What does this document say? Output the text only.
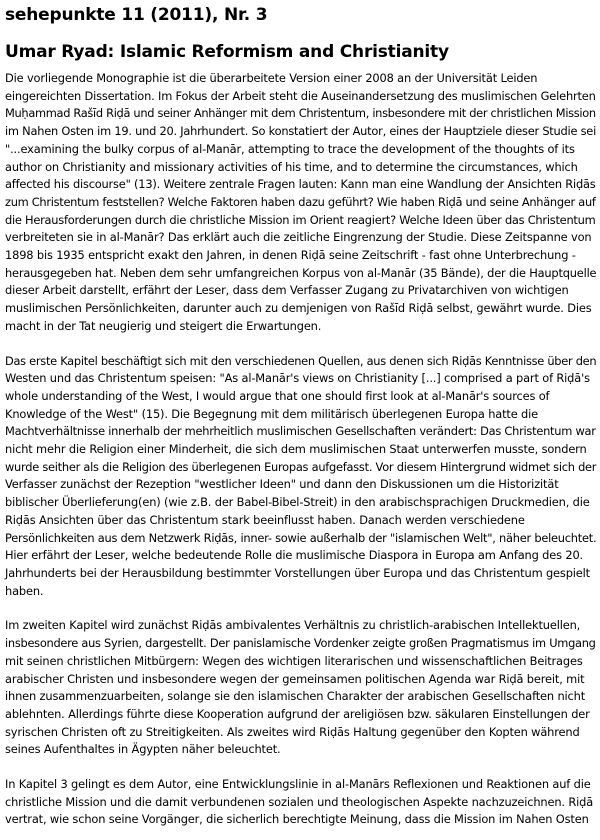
sehepunkte 11 (2011), Nr. 3
Umar Ryad: Islamic Reformism and Christianity

Die vorliegende Monographie ist die überarbeitete Version einer 2008 an der Universität Leiden
eingereichten Dissertation. Im Fokus der Arbeit steht die Auseinandersetzung des muslimischen Gelehrten
Muḥammad Rašīd Riḍā und seiner Anhänger mit dem Christentum, insbesondere mit der christlichen Mission
im Nahen Osten im 19. und 20. Jahrhundert. So konstatiert der Autor, eines der Hauptziele dieser Studie sei
"...examining the bulky corpus of al-Manār, attempting to trace the development of the thoughts of its
author on Christianity and missionary activities of his time, and to determine the circumstances, which
affected his discourse" (13). Weitere zentrale Fragen lauten: Kann man eine Wandlung der Ansichten Riḍās
zum Christentum feststellen? Welche Faktoren haben dazu geführt? Wie haben Riḍā und seine Anhänger auf
die Herausforderungen durch die christliche Mission im Orient reagiert? Welche Ideen über das Christentum
verbreiteten sie in al-Manār? Das erklärt auch die zeitliche Eingrenzung der Studie. Diese Zeitspanne von
1898 bis 1935 entspricht exakt den Jahren, in denen Riḍā seine Zeitschrift - fast ohne Unterbrechung -
herausgegeben hat. Neben dem sehr umfangreichen Korpus von al-Manār (35 Bände), der die Hauptquelle
dieser Arbeit darstellt, erfährt der Leser, dass dem Verfasser Zugang zu Privatarchiven von wichtigen
muslimischen Persönlichkeiten, darunter auch zu demjenigen von Rašīd Riḍā selbst, gewährt wurde. Dies
macht in der Tat neugierig und steigert die Erwartungen.

Das erste Kapitel beschäftigt sich mit den verschiedenen Quellen, aus denen sich Riḍās Kenntnisse über den
Westen und das Christentum speisen: "As al-Manār's views on Christianity [...] comprised a part of Riḍā's
whole understanding of the West, I would argue that one should first look at al-Manār's sources of
Knowledge of the West" (15). Die Begegnung mit dem militärisch überlegenen Europa hatte die
Machtverhältnisse innerhalb der mehrheitlich muslimischen Gesellschaften verändert: Das Christentum war
nicht mehr die Religion einer Minderheit, die sich dem muslimischen Staat unterwerfen musste, sondern
wurde seither als die Religion des überlegenen Europas aufgefasst. Vor diesem Hintergrund widmet sich der
Verfasser zunächst der Rezeption "westlicher Ideen" und dann den Diskussionen um die Historizität
biblischer Überlieferung(en) (wie z.B. der Babel-Bibel-Streit) in den arabischsprachigen Druckmedien, die
Riḍās Ansichten über das Christentum stark beeinflusst haben. Danach werden verschiedene
Persönlichkeiten aus dem Netzwerk Riḍās, inner- sowie außerhalb der "islamischen Welt", näher beleuchtet.
Hier erfährt der Leser, welche bedeutende Rolle die muslimische Diaspora in Europa am Anfang des 20.
Jahrhunderts bei der Herausbildung bestimmter Vorstellungen über Europa und das Christentum gespielt
haben.

Im zweiten Kapitel wird zunächst Riḍās ambivalentes Verhältnis zu christlich-arabischen Intellektuellen,
insbesondere aus Syrien, dargestellt. Der panislamische Vordenker zeigte großen Pragmatismus im Umgang
mit seinen christlichen Mitbürgern: Wegen des wichtigen literarischen und wissenschaftlichen Beitrages
arabischer Christen und insbesondere wegen der gemeinsamen politischen Agenda war Riḍā bereit, mit
ihnen zusammenzuarbeiten, solange sie den islamischen Charakter der arabischen Gesellschaften nicht
ablehnten. Allerdings führte diese Kooperation aufgrund der areligiösen bzw. säkularen Einstellungen der
syrischen Christen oft zu Streitigkeiten. Als zweites wird Riḍās Haltung gegenüber den Kopten während
seines Aufenthaltes in Ägypten näher beleuchtet.

In Kapitel 3 gelingt es dem Autor, eine Entwicklungslinie in al-Manārs Reflexionen und Reaktionen auf die
christliche Mission und die damit verbundenen sozialen und theologischen Aspekte nachzuzeichnen. Riḍā
vertrat, wie schon seine Vorgänger, die sicherlich berechtigte Meinung, dass die Mission im Nahen Osten
